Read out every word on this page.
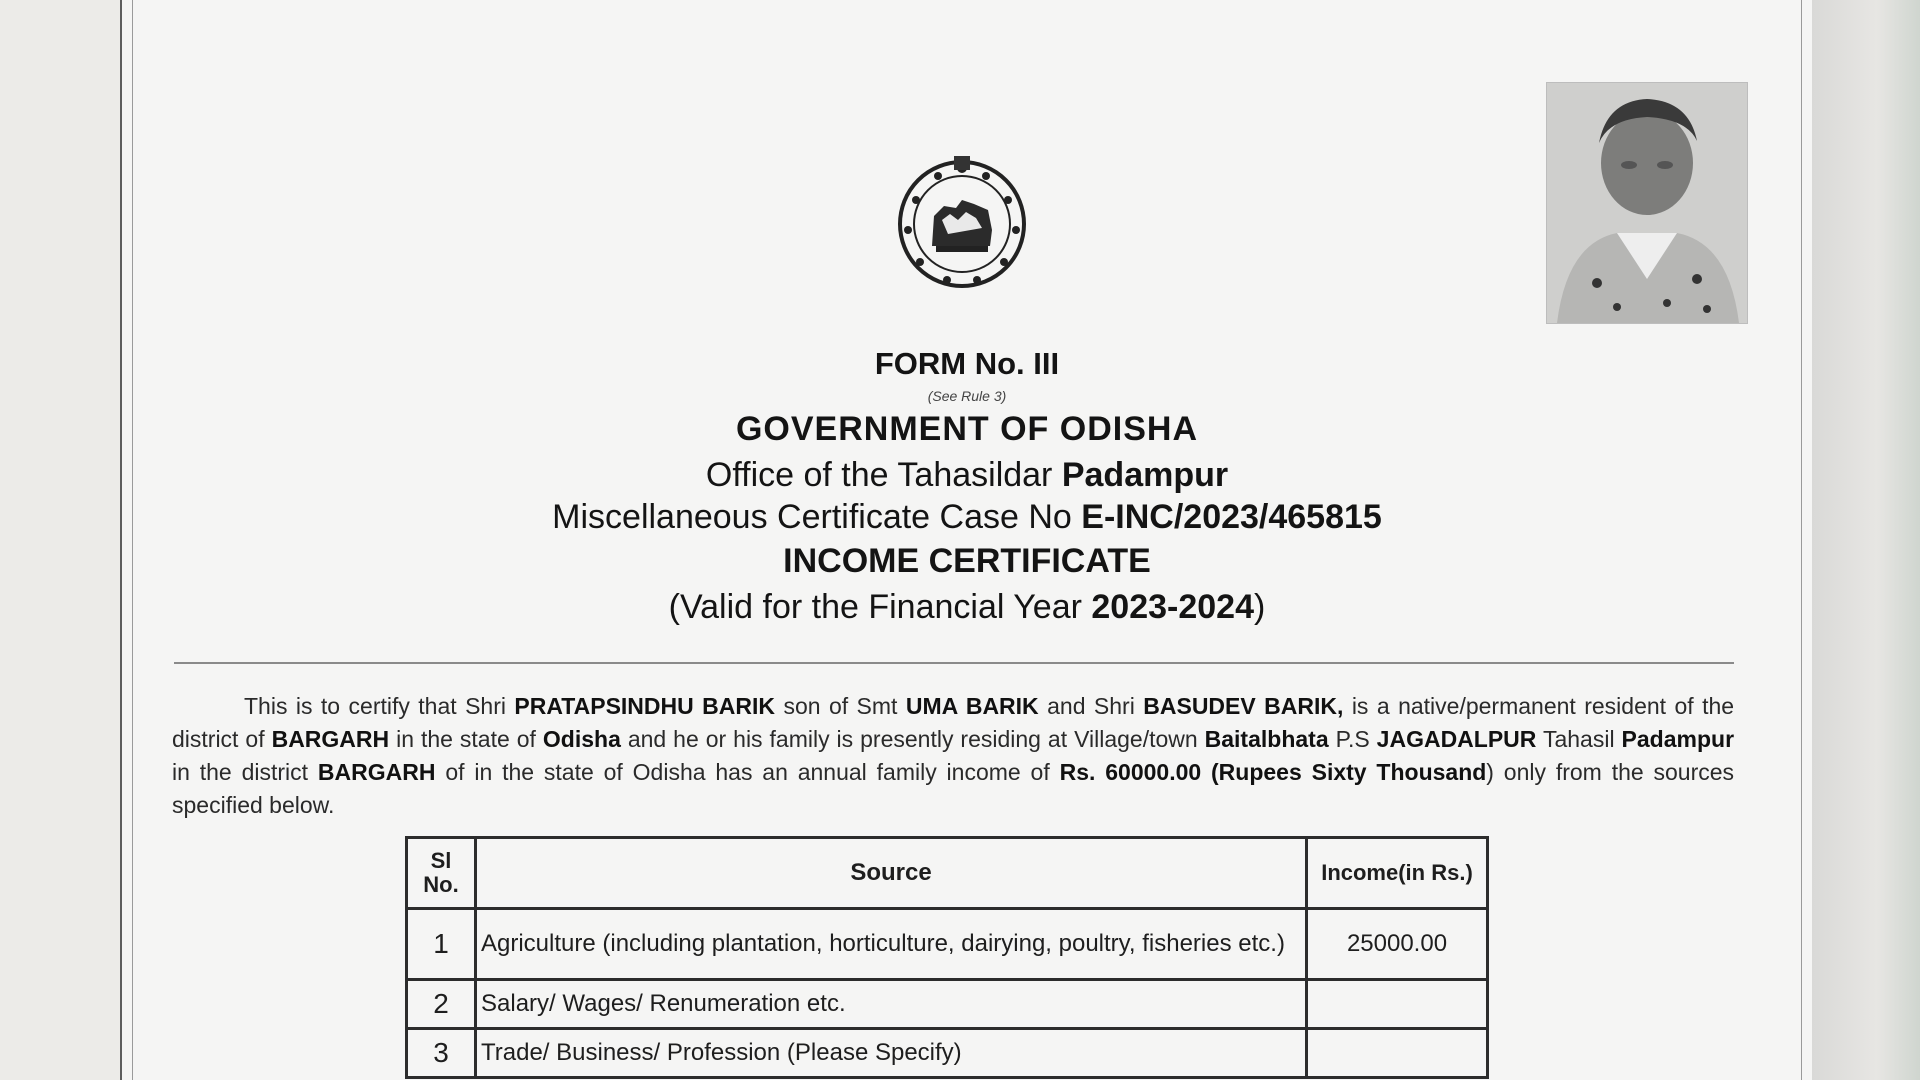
FORM No. III
(See Rule 3)
GOVERNMENT OF ODISHA
Office of the Tahasildar Padampur
Miscellaneous Certificate Case No E-INC/2023/465815
INCOME CERTIFICATE
(Valid for the Financial Year 2023-2024)
This is to certify that Shri PRATAPSINDHU BARIK son of Smt UMA BARIK and Shri BASUDEV BARIK, is a native/permanent resident of the district of BARGARH in the state of Odisha and he or his family is presently residing at Village/town Baitalbhata P.S JAGADALPUR Tahasil Padampur in the district BARGARH of in the state of Odisha has an annual family income of Rs. 60000.00 (Rupees Sixty Thousand) only from the sources specified below.
Sl No.	Source	Income(in Rs.)
1	Agriculture (including plantation, horticulture, dairying, poultry, fisheries etc.)	25000.00
2	Salary/ Wages/ Renumeration etc.	
3	Trade/ Business/ Profession (Please Specify)	
